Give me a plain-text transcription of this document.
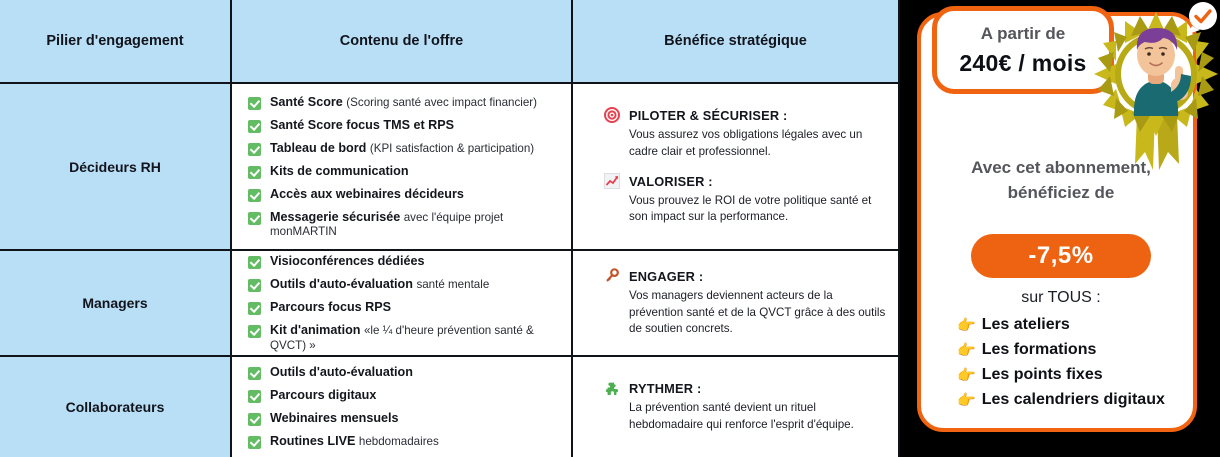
Pilier d'engagement	Contenu de l'offre	Bénéfice stratégique
Décideurs RH
Santé Score (Scoring santé avec impact financier)
Santé Score focus TMS et RPS
Tableau de bord (KPI satisfaction & participation)
Kits de communication
Accès aux webinaires décideurs
Messagerie sécurisée avec l'équipe projet monMARTIN
PILOTER & SÉCURISER :
Vous assurez vos obligations légales avec un cadre clair et professionnel.
VALORISER :
Vous prouvez le ROI de votre politique santé et son impact sur la performance.
Managers
Visioconférences dédiées
Outils d'auto-évaluation santé mentale
Parcours focus RPS
Kit d'animation «le ¼ d'heure prévention santé & QVCT) »
ENGAGER :
Vos managers deviennent acteurs de la prévention santé et de la QVCT grâce à des outils de soutien concrets.
Collaborateurs
Outils d'auto-évaluation
Parcours digitaux
Webinaires mensuels
Routines LIVE hebdomadaires
RYTHMER :
La prévention santé devient un rituel hebdomadaire qui renforce l'esprit d'équipe.
Avec cet abonnement,
bénéficiez de
-7,5%
sur TOUS :
👉 Les ateliers
👉 Les formations
👉 Les points fixes
👉 Les calendriers digitaux
A partir de
240€ / mois
